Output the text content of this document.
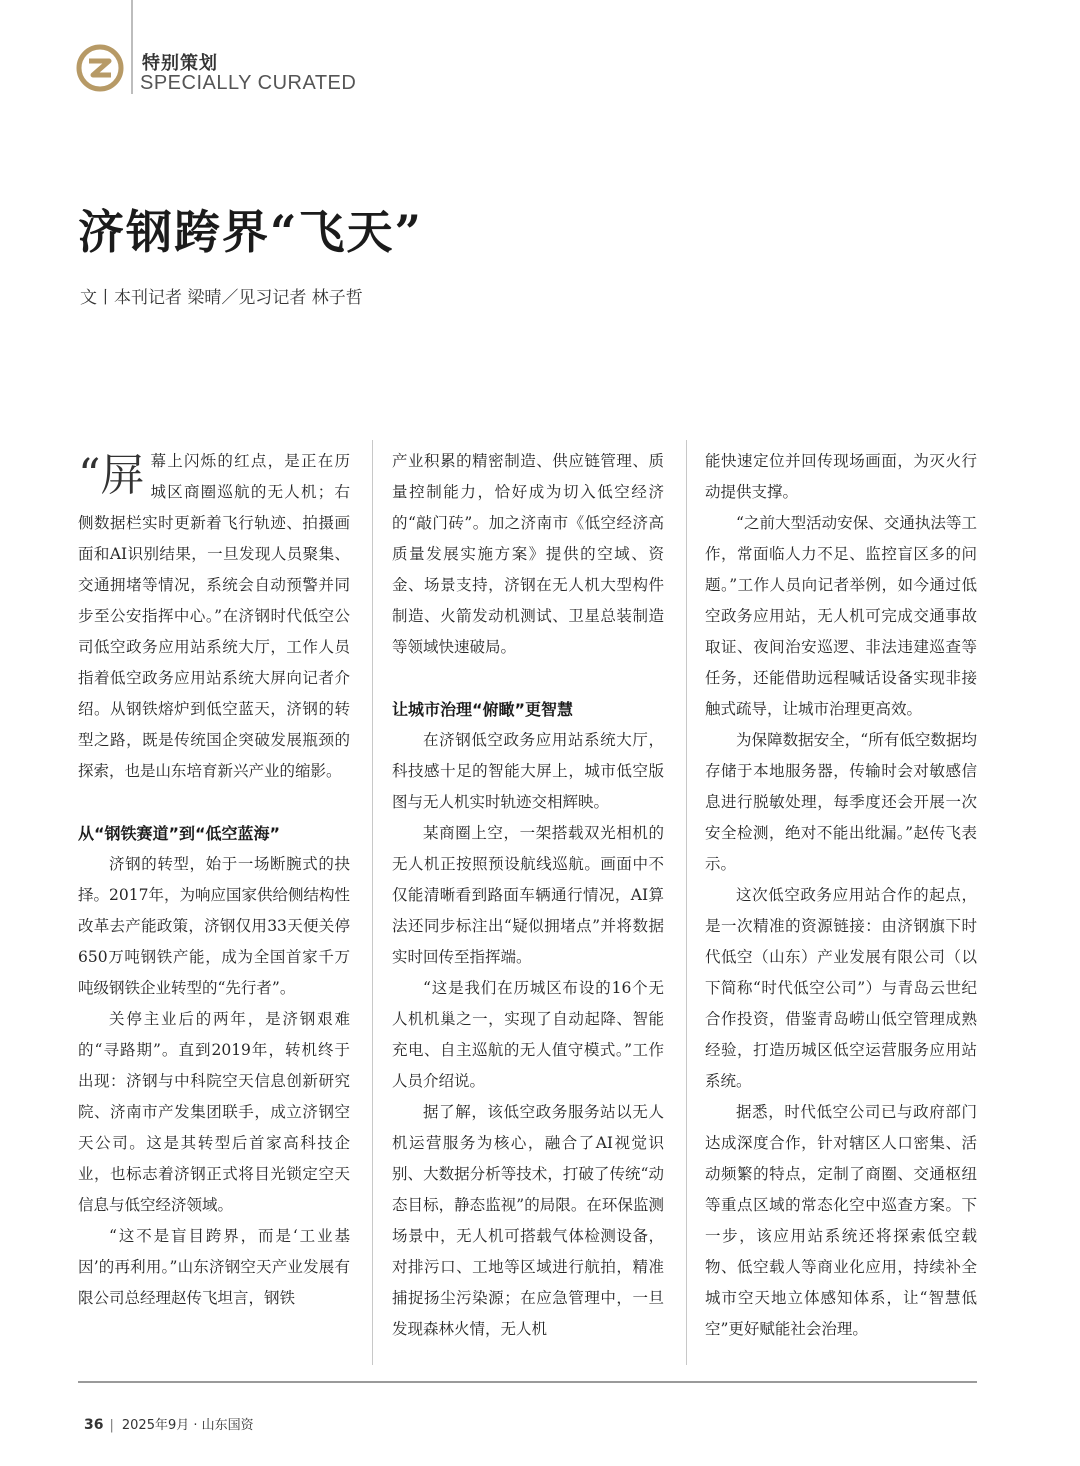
特别策划
SPECIALLY CURATED
济钢跨界“飞天”
文丨本刊记者 梁晴／见习记者 林子哲

“屏幕上闪烁的红点，是正在历城区商圈巡航的无人机；右侧数据栏实时更新着飞行轨迹、拍摄画面和AI识别结果，一旦发现人员聚集、交通拥堵等情况，系统会自动预警并同步至公安指挥中心。”在济钢时代低空公司低空政务应用站系统大厅，工作人员指着低空政务应用站系统大屏向记者介绍。从钢铁熔炉到低空蓝天，济钢的转型之路，既是传统国企突破发展瓶颈的探索，也是山东培育新兴产业的缩影。

从“钢铁赛道”到“低空蓝海”

济钢的转型，始于一场断腕式的抉择。2017年，为响应国家供给侧结构性改革去产能政策，济钢仅用33天便关停650万吨钢铁产能，成为全国首家千万吨级钢铁企业转型的“先行者”。

关停主业后的两年，是济钢艰难的“寻路期”。直到2019年，转机终于出现：济钢与中科院空天信息创新研究院、济南市产发集团联手，成立济钢空天公司。这是其转型后首家高科技企业，也标志着济钢正式将目光锁定空天信息与低空经济领域。

“这不是盲目跨界，而是‘工业基因’的再利用。”山东济钢空天产业发展有限公司总经理赵传飞坦言，钢铁

产业积累的精密制造、供应链管理、质量控制能力，恰好成为切入低空经济的“敲门砖”。加之济南市《低空经济高质量发展实施方案》提供的空域、资金、场景支持，济钢在无人机大型构件制造、火箭发动机测试、卫星总装制造等领域快速破局。

让城市治理“俯瞰”更智慧

在济钢低空政务应用站系统大厅，科技感十足的智能大屏上，城市低空版图与无人机实时轨迹交相辉映。

某商圈上空，一架搭载双光相机的无人机正按照预设航线巡航。画面中不仅能清晰看到路面车辆通行情况，AI算法还同步标注出“疑似拥堵点”并将数据实时回传至指挥端。

“这是我们在历城区布设的16个无人机机巢之一，实现了自动起降、智能充电、自主巡航的无人值守模式。”工作人员介绍说。

据了解，该低空政务服务站以无人机运营服务为核心，融合了AI视觉识别、大数据分析等技术，打破了传统“动态目标，静态监视”的局限。在环保监测场景中，无人机可搭载气体检测设备，对排污口、工地等区域进行航拍，精准捕捉扬尘污染源；在应急管理中，一旦发现森林火情，无人机

能快速定位并回传现场画面，为灭火行动提供支撑。

“之前大型活动安保、交通执法等工作，常面临人力不足、监控盲区多的问题。”工作人员向记者举例，如今通过低空政务应用站，无人机可完成交通事故取证、夜间治安巡逻、非法违建巡查等任务，还能借助远程喊话设备实现非接触式疏导，让城市治理更高效。

为保障数据安全，“所有低空数据均存储于本地服务器，传输时会对敏感信息进行脱敏处理，每季度还会开展一次安全检测，绝对不能出纰漏。”赵传飞表示。

这次低空政务应用站合作的起点，是一次精准的资源链接：由济钢旗下时代低空（山东）产业发展有限公司（以下简称“时代低空公司”）与青岛云世纪合作投资，借鉴青岛崂山低空管理成熟经验，打造历城区低空运营服务应用站系统。

据悉，时代低空公司已与政府部门达成深度合作，针对辖区人口密集、活动频繁的特点，定制了商圈、交通枢纽等重点区域的常态化空中巡查方案。下一步，该应用站系统还将探索低空载物、低空载人等商业化应用，持续补全城市空天地立体感知体系，让“智慧低空”更好赋能社会治理。

36 | 2025年9月 · 山东国资
